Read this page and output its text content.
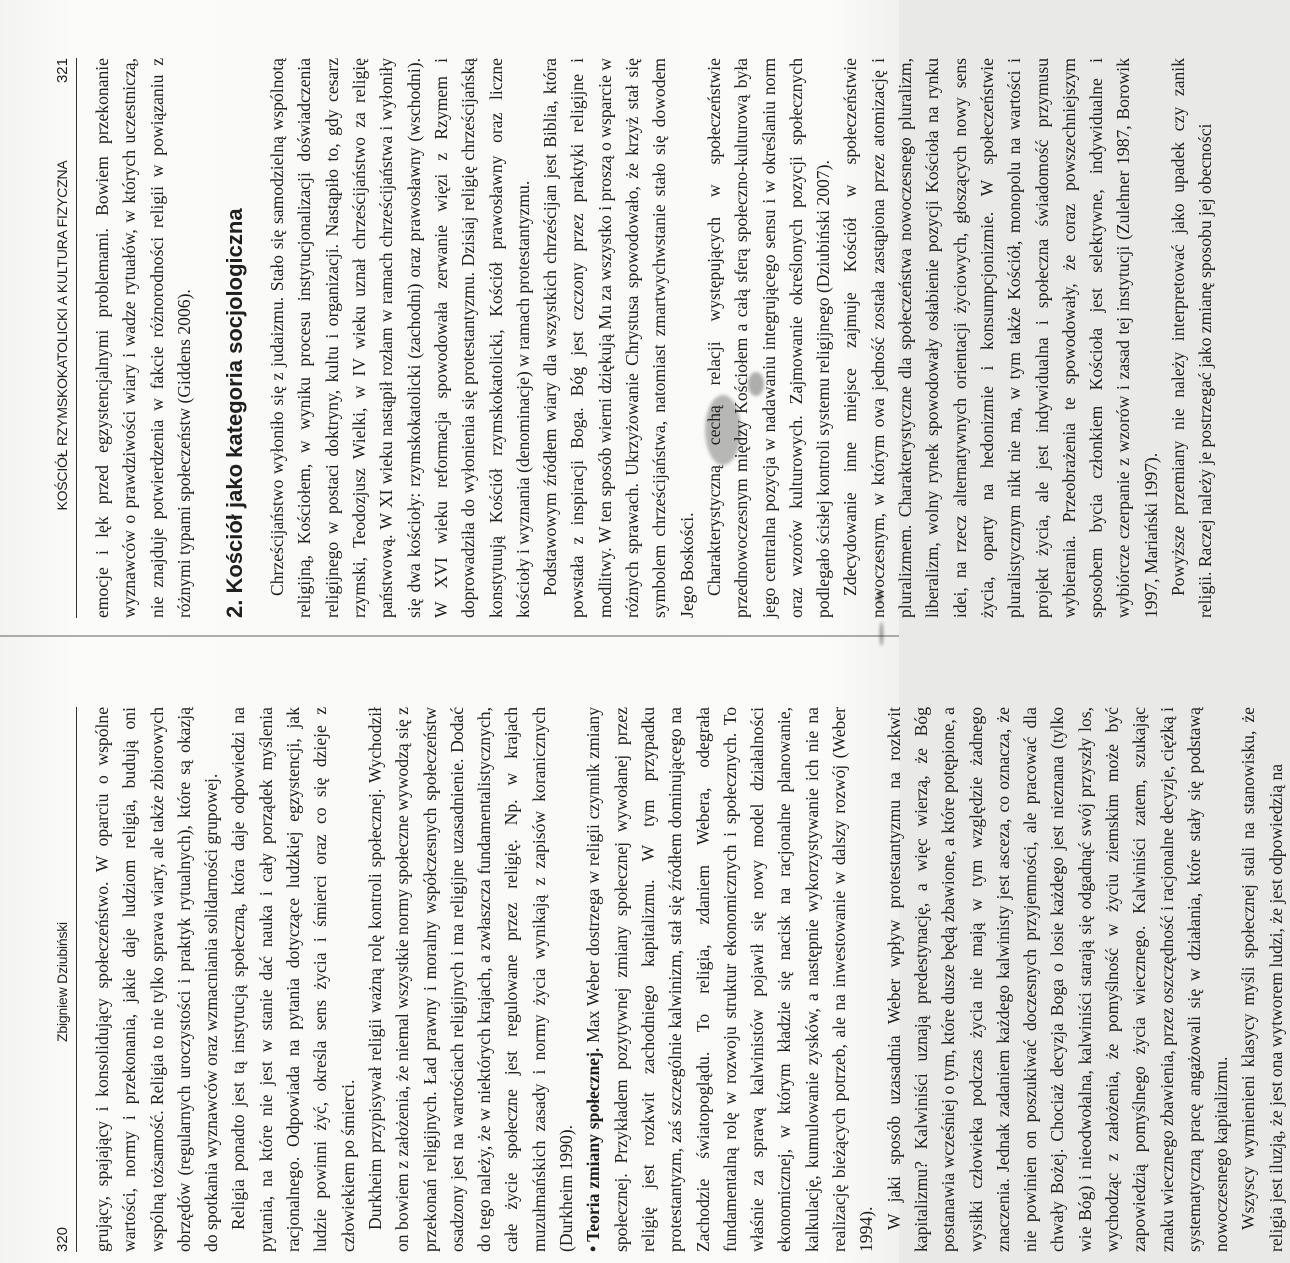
320
Zbigniew Dziubiński grujący, spajający i konsolidujący społeczeństwo. W oparciu o wspólne wartości, normy i przekonania, jakie daje ludziom religia, budują oni wspólną tożsamość. Religia to nie tylko sprawa wiary, ale także zbiorowych obrzędów (regularnych uroczystości i praktyk rytualnych), które są okazją do spotkania wyznawców oraz wzmacniania solidarności grupowej. Religia ponadto jest tą instytucją społeczną, która daje odpowiedzi na pytania, na które nie jest w stanie dać nauka i cały porządek myślenia racjonalnego. Odpowiada na pytania dotyczące ludzkiej egzystencji, jak ludzie powinni żyć, określa sens życia i śmierci oraz co się dzieje z człowiekiem po śmierci. Durkheim przypisywał religii ważną rolę kontroli społecznej. Wychodził on bowiem z założenia, że niemal wszystkie normy społeczne wywodzą się z przekonań religijnych. Ład prawny i moralny współczesnych społeczeństw osadzony jest na wartościach religijnych i ma religijne uzasadnienie. Dodać do tego należy, że w niektórych krajach, a zwłaszcza fundamentalistycznych, całe życie społeczne jest regulowane przez religię. Np. w krajach muzułmańskich zasady i normy życia wynikają z zapisów koranicznych (Durkheim 1990). •Teoria zmiany społecznej. Max Weber dostrzega w religii czynnik zmiany społecznej. Przykładem pozytywnej zmiany społecznej wywołanej przez religię jest rozkwit zachodniego kapitalizmu. W tym przypadku protestantyzm, zaś szczególnie kalwinizm, stał się źródłem dominującego na Zachodzie światopoglądu. To religia, zdaniem Webera, odegrała fundamentalną rolę w rozwoju struktur ekonomicznych i społecznych. To właśnie za sprawą kalwinistów pojawił się nowy model działalności ekonomicznej, w którym kładzie się nacisk na racjonalne planowanie, kalkulację, kumulowanie zysków, a następnie wykorzystywanie ich nie na realizację bieżących potrzeb, ale na inwestowanie w dalszy rozwój (Weber 1994). W jaki sposób uzasadnia Weber wpływ protestantyzmu na rozkwit kapitalizmu? Kalwiniści uznają predestynację, a więc wierzą, że Bóg postanawia wcześniej o tym, które dusze będą zbawione, a które potępione, a wysiłki człowieka podczas życia nie mają w tym względzie żadnego znaczenia. Jednak zadaniem każdego kalwinisty jest asceza, co oznacza, że nie powinien on poszukiwać doczesnych przyjemności, ale pracować dla chwały Bożej. Chociaż decyzja Boga o losie każdego jest nieznana (tylko wie Bóg) i nieodwołalna, kalwiniści starają się odgadnąć swój przyszły los, wychodząc z założenia, że pomyślność w życiu ziemskim może być zapowiedzią pomyślnego życia wiecznego. Kalwiniści zatem, szukając znaku wiecznego zbawienia, przez oszczędność i racjonalne decyzje, ciężką i systematyczną pracę angażowali się w działania, które stały się podstawą nowoczesnego kapitalizmu. Wszyscy wymienieni klasycy myśli społecznej stali na stanowisku, że religia jest iluzją, że jest ona wytworem ludzi, że jest odpowiedzią na

KOŚCIÓŁ RZYMSKOKATOLICKI A KULTURA FIZYCZNA
321 emocje i lęk przed egzystencjalnymi problemami. Bowiem przekonanie wyznawców o prawdziwości wiary i wadze rytuałów, w których uczestniczą, nie znajduje potwierdzenia w fakcie różnorodności religii w powiązaniu z różnymi typami społeczeństw (Giddens 2006). 2. Kościół jako kategoria socjologiczna Chrześcijaństwo wyłoniło się z judaizmu. Stało się samodzielną wspólnotą religijną, Kościołem, w wyniku procesu instytucjonalizacji doświadczenia religijnego w postaci doktryny, kultu i organizacji. Nastąpiło to, gdy cesarz rzymski, Teodozjusz Wielki, w IV wieku uznał chrześcijaństwo za religię państwową. W XI wieku nastąpił rozłam w ramach chrześcijaństwa i wyłoniły się dwa kościoły: rzymskokatolicki (zachodni) oraz prawosławny (wschodni). W XVI wieku reformacja spowodowała zerwanie więzi z Rzymem i doprowadziła do wyłonienia się protestantyzmu. Dzisiaj religię chrześcijańską konstytuują Kościół rzymskokatolicki, Kościół prawosławny oraz liczne kościoły i wyznania (denominacje) w ramach protestantyzmu. Podstawowym źródłem wiary dla wszystkich chrześcijan jest Biblia, która powstała z inspiracji Boga. Bóg jest czczony przez praktyki religijne i modlitwy. W ten sposób wierni dziękują Mu za wszystko i proszą o wsparcie w różnych sprawach. Ukrzyżowanie Chrystusa spowodowało, że krzyż stał się symbolem chrześcijaństwa, natomiast zmartwychwstanie stało się dowodem Jego Boskości. Charakterystyczną cechą relacji występujących w społeczeństwie przednowoczesnym między Kościołem a całą sferą społeczno-kulturową była jego centralna pozycja w nadawaniu integrującego sensu i w określaniu norm oraz wzorów kulturowych. Zajmowanie określonych pozycji społecznych podlegało ścisłej kontroli systemu religijnego (Dziubiński 2007). Zdecydowanie inne miejsce zajmuje Kościół w społeczeństwie nowoczesnym, w którym owa jedność została zastąpiona przez atomizację i pluralizmem. Charakterystyczne dla społeczeństwa nowoczesnego pluralizm, liberalizm, wolny rynek spowodowały osłabienie pozycji Kościoła na rynku idei, na rzecz alternatywnych orientacji życiowych, głoszących nowy sens życia, oparty na hedonizmie i konsumpcjonizmie. W społeczeństwie pluralistycznym nikt nie ma, w tym także Kościół, monopolu na wartości i projekt życia, ale jest indywidualna i społeczna świadomość przymusu wybierania. Przeobrażenia te spowodowały, że coraz powszechniejszym sposobem bycia członkiem Kościoła jest selektywne, indywidualne i wybiórcze czerpanie z wzorów i zasad tej instytucji (Zulehner 1987, Borowik 1997, Mariański 1997). Powyższe przemiany nie należy interpretować jako upadek czy zanik religii. Raczej należy je postrzegać jako zmianę sposobu jej obecności
